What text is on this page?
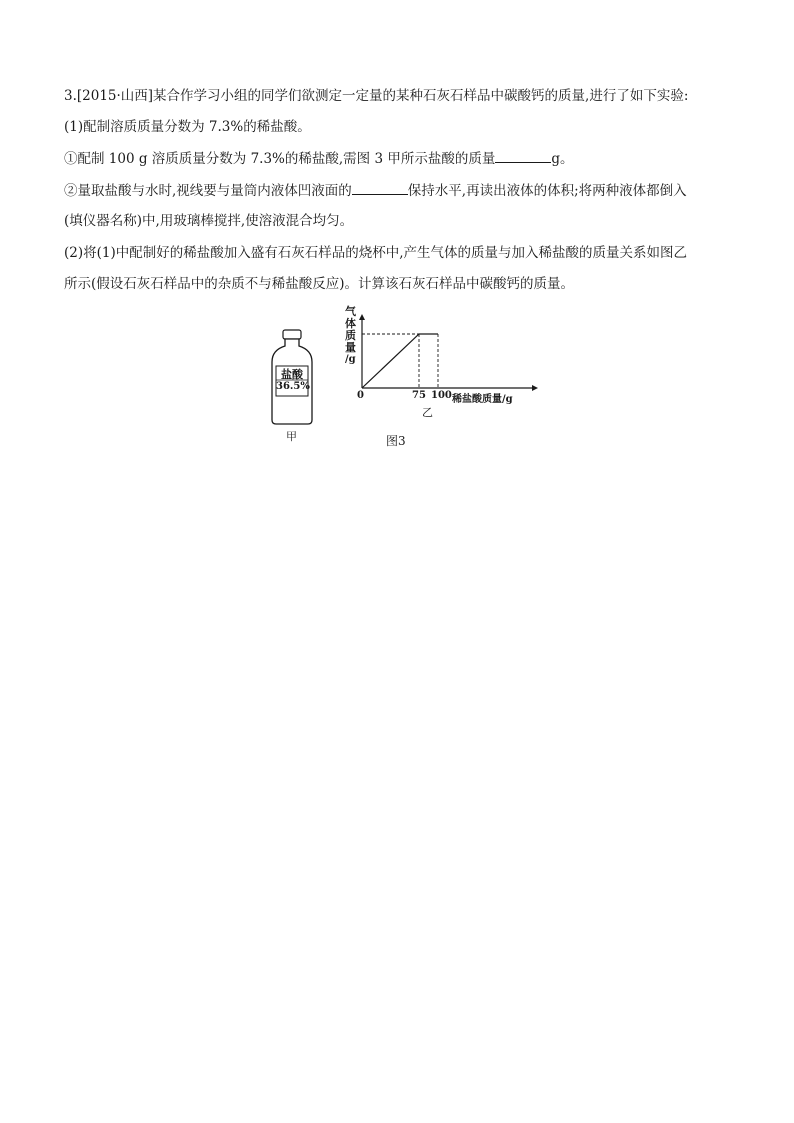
3.[2015·山西]某合作学习小组的同学们欲测定一定量的某种石灰石样品中碳酸钙的质量,进行了如下实验:
(1)配制溶质质量分数为 7.3%的稀盐酸。
①配制 100 g 溶质质量分数为 7.3%的稀盐酸,需图 3 甲所示盐酸的质量	g。
②量取盐酸与水时,视线要与量筒内液体凹液面的	保持水平,再读出液体的体积;将两种液体都倒入
(填仪器名称)中,用玻璃棒搅拌,使溶液混合均匀。
(2)将(1)中配制好的稀盐酸加入盛有石灰石样品的烧杯中,产生气体的质量与加入稀盐酸的质量关系如图乙
所示(假设石灰石样品中的杂质不与稀盐酸反应)。计算该石灰石样品中碳酸钙的质量。
盐酸
36.5%
甲
气
体
质
量
/g
0	75 100 稀盐酸质量/g
乙
图3
